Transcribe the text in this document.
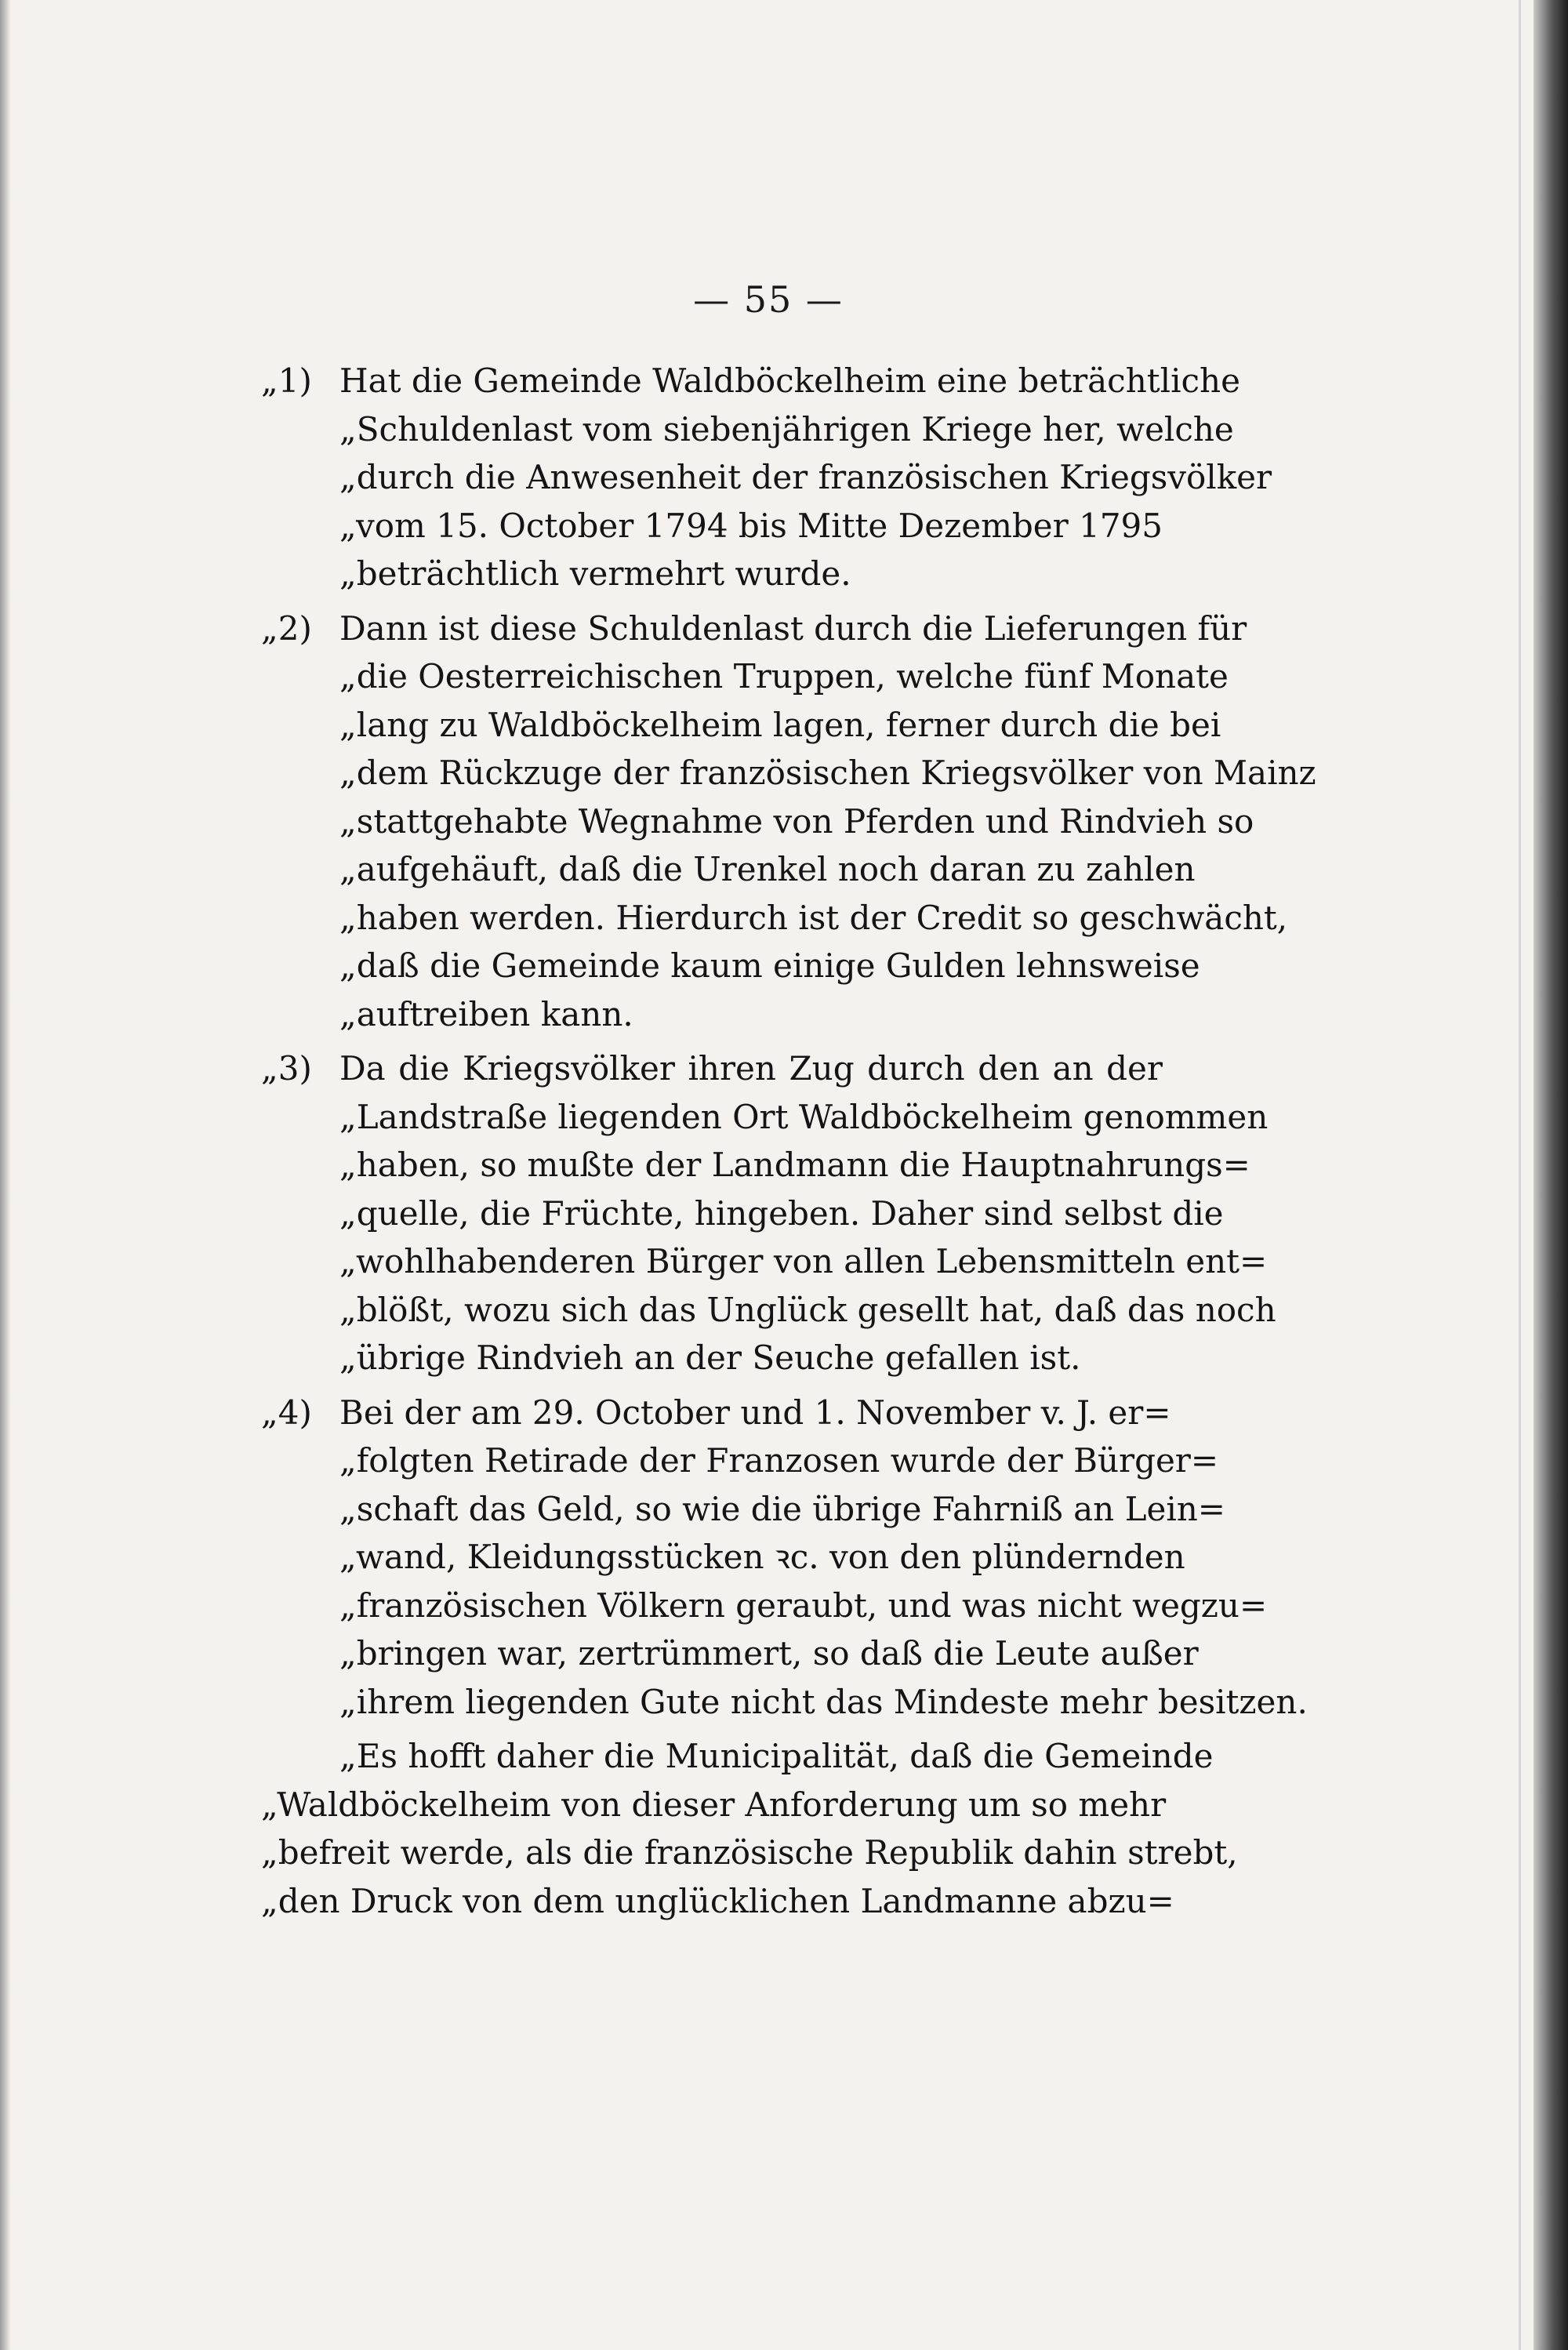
— 55 —
„1) Hat die Gemeinde Waldböckelheim eine beträchtliche
„Schuldenlast vom siebenjährigen Kriege her, welche
„durch die Anwesenheit der französischen Kriegsvölker
„vom 15. October 1794 bis Mitte Dezember 1795
„beträchtlich vermehrt wurde.
„2) Dann ist diese Schuldenlast durch die Lieferungen für
„die Oesterreichischen Truppen, welche fünf Monate
„lang zu Waldböckelheim lagen, ferner durch die bei
„dem Rückzuge der französischen Kriegsvölker von Mainz
„stattgehabte Wegnahme von Pferden und Rindvieh so
„aufgehäuft, daß die Urenkel noch daran zu zahlen
„haben werden. Hierdurch ist der Credit so geschwächt,
„daß die Gemeinde kaum einige Gulden lehnsweise
„auftreiben kann.
„3) Da die Kriegsvölker ihren Zug durch den an der
„Landstraße liegenden Ort Waldböckelheim genommen
„haben, so mußte der Landmann die Hauptnahrungs=
„quelle, die Früchte, hingeben. Daher sind selbst die
„wohlhabenderen Bürger von allen Lebensmitteln ent=
„blößt, wozu sich das Unglück gesellt hat, daß das noch
„übrige Rindvieh an der Seuche gefallen ist.
„4) Bei der am 29. October und 1. November v. J. er=
„folgten Retirade der Franzosen wurde der Bürger=
„schaft das Geld, so wie die übrige Fahrniß an Lein=
„wand, Kleidungsstücken ꝛc. von den plündernden
„französischen Völkern geraubt, und was nicht wegzu=
„bringen war, zertrümmert, so daß die Leute außer
„ihrem liegenden Gute nicht das Mindeste mehr besitzen.
„Es hofft daher die Municipalität, daß die Gemeinde
„Waldböckelheim von dieser Anforderung um so mehr
„befreit werde, als die französische Republik dahin strebt,
„den Druck von dem unglücklichen Landmanne abzu=
